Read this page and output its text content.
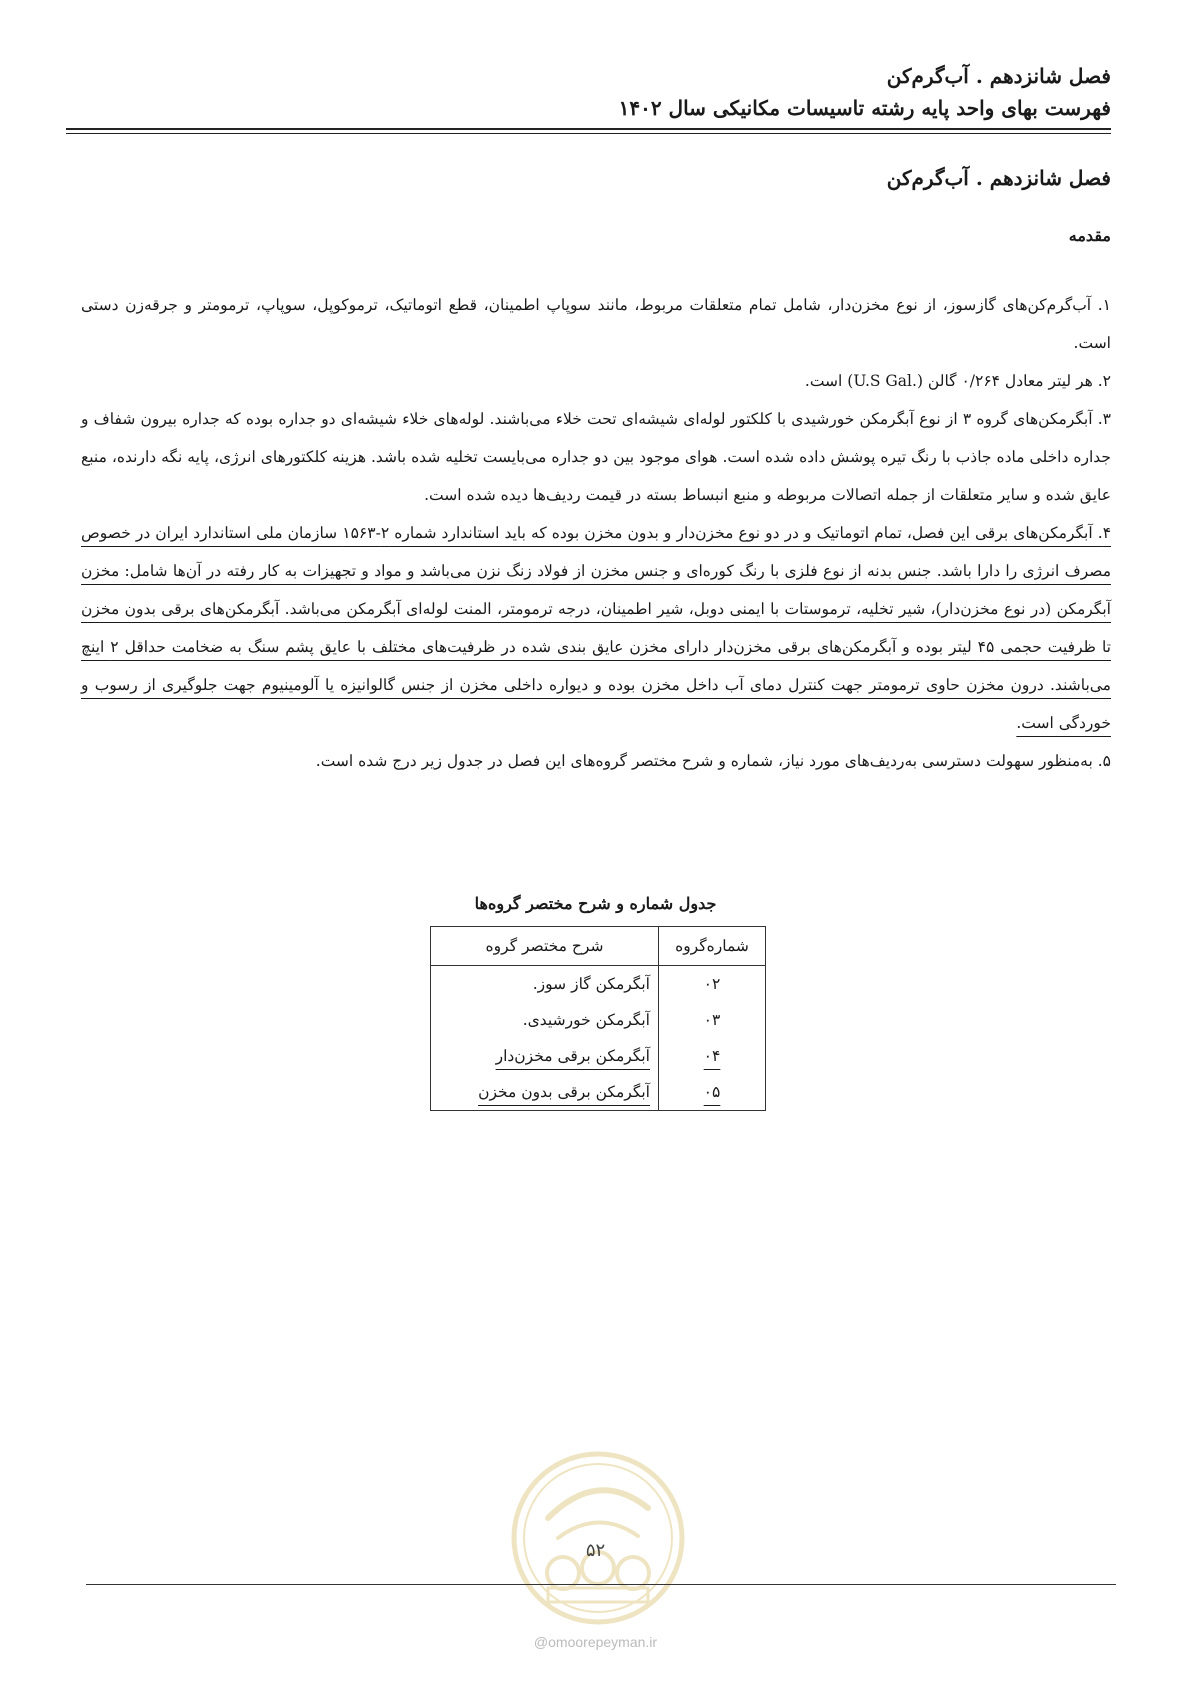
فصل شانزدهم . آب‌گرم‌کن
فهرست بهای واحد پایه رشته تاسیسات مکانیکی سال ۱۴۰۲
فصل شانزدهم . آب‌گرم‌کن
مقدمه

۱. آب‌گرم‌کن‌های گازسوز، از نوع مخزن‌دار، شامل تمام متعلقات مربوط، مانند سوپاپ اطمینان، قطع اتوماتیک، ترموکوپل، سوپاپ، ترمومتر و جرقه‌زن دستی است.

۲. هر لیتر معادل ۰/۲۶۴ گالن (.U.S Gal) است.

۳. آبگرمکن‌های گروه ۳ از نوع آبگرمکن خورشیدی با کلکتور لوله‌ای شیشه‌ای تحت خلاء می‌باشند. لوله‌های خلاء شیشه‌ای دو جداره بوده که جداره بیرون شفاف و جداره داخلی ماده جاذب با رنگ تیره پوشش داده شده است. هوای موجود بین دو جداره می‌بایست تخلیه شده باشد. هزینه کلکتورهای انرژی، پایه نگه دارنده، منبع عایق شده و سایر متعلقات از جمله اتصالات مربوطه و منبع انبساط بسته در قیمت ردیف‌ها دیده شده است.

۴. آبگرمکن‌های برقی این فصل، تمام اتوماتیک و در دو نوع مخزن‌دار و بدون مخزن بوده که باید استاندارد شماره ۲-۱۵۶۳ سازمان ملی استاندارد ایران در خصوص مصرف انرژی را دارا باشد. جنس بدنه از نوع فلزی با رنگ کوره‌ای و جنس مخزن از فولاد زنگ نزن می‌باشد و مواد و تجهیزات به کار رفته در آن‌ها شامل: مخزن آبگرمکن (در نوع مخزن‌دار)، شیر تخلیه، ترموستات با ایمنی دوبل، شیر اطمینان، درجه ترمومتر، المنت لوله‌ای آبگرمکن می‌باشد. آبگرمکن‌های برقی بدون مخزن تا ظرفیت حجمی ۴۵ لیتر بوده و آبگرمکن‌های برقی مخزن‌دار دارای مخزن عایق بندی شده در ظرفیت‌های مختلف با عایق پشم سنگ به ضخامت حداقل ۲ اینچ می‌باشند. درون مخزن حاوی ترمومتر جهت کنترل دمای آب داخل مخزن بوده و دیواره داخلی مخزن از جنس گالوانیزه یا آلومینیوم جهت جلوگیری از رسوب و خوردگی است.

۵. به‌منظور سهولت دسترسی به‌ردیف‌های مورد نیاز، شماره و شرح مختصر گروه‌های این فصل در جدول زیر درج شده است.

جدول شماره و شرح مختصر گروه‌ها
شماره‌گروه	شرح مختصر گروه
۰۲	آبگرمکن گاز سوز.
۰۳	آبگرمکن خورشیدی.
۰۴	آبگرمکن برقی مخزن‌دار
۰۵	آبگرمکن برقی بدون مخزن
۵۲
@omoorepeyman.ir
